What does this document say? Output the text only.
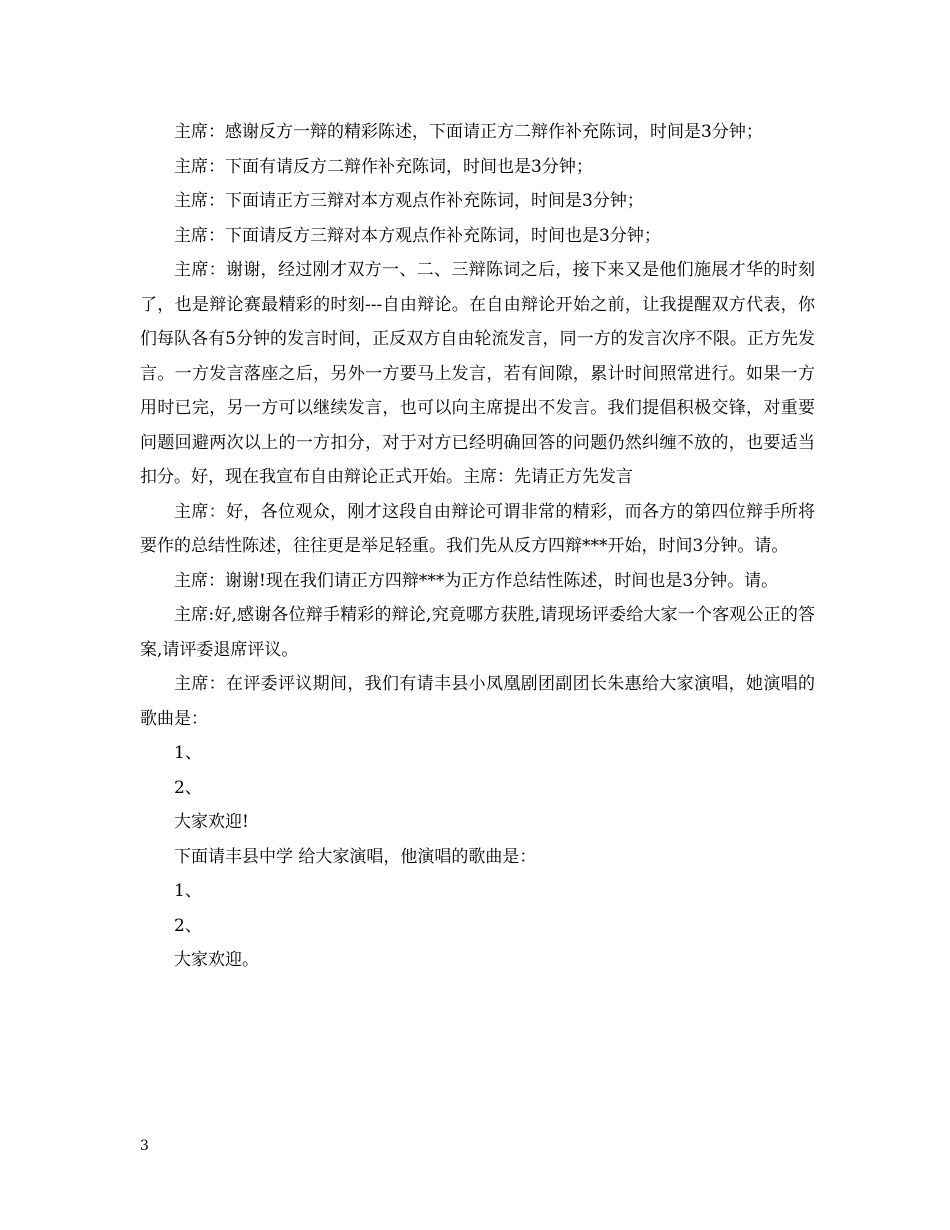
主席：感谢反方一辩的精彩陈述，下面请正方二辩作补充陈词，时间是3分钟；

主席：下面有请反方二辩作补充陈词，时间也是3分钟；

主席：下面请正方三辩对本方观点作补充陈词，时间是3分钟；

主席：下面请反方三辩对本方观点作补充陈词，时间也是3分钟；

主席：谢谢，经过刚才双方一、二、三辩陈词之后，接下来又是他们施展才华的时刻了，也是辩论赛最精彩的时刻---自由辩论。在自由辩论开始之前，让我提醒双方代表，你们每队各有5分钟的发言时间，正反双方自由轮流发言，同一方的发言次序不限。正方先发言。一方发言落座之后，另外一方要马上发言，若有间隙，累计时间照常进行。如果一方用时已完，另一方可以继续发言，也可以向主席提出不发言。我们提倡积极交锋，对重要问题回避两次以上的一方扣分，对于对方已经明确回答的问题仍然纠缠不放的，也要适当扣分。好，现在我宣布自由辩论正式开始。主席：先请正方先发言

主席：好，各位观众，刚才这段自由辩论可谓非常的精彩，而各方的第四位辩手所将要作的总结性陈述，往往更是举足轻重。我们先从反方四辩***开始，时间3分钟。请。

主席：谢谢!现在我们请正方四辩***为正方作总结性陈述，时间也是3分钟。请。

主席:好,感谢各位辩手精彩的辩论,究竟哪方获胜,请现场评委给大家一个客观公正的答案,请评委退席评议。

主席：在评委评议期间，我们有请丰县小凤凰剧团副团长朱惠给大家演唱，她演唱的歌曲是：

1、

2、

大家欢迎!

下面请丰县中学 给大家演唱，他演唱的歌曲是：

1、

2、

大家欢迎。

3
